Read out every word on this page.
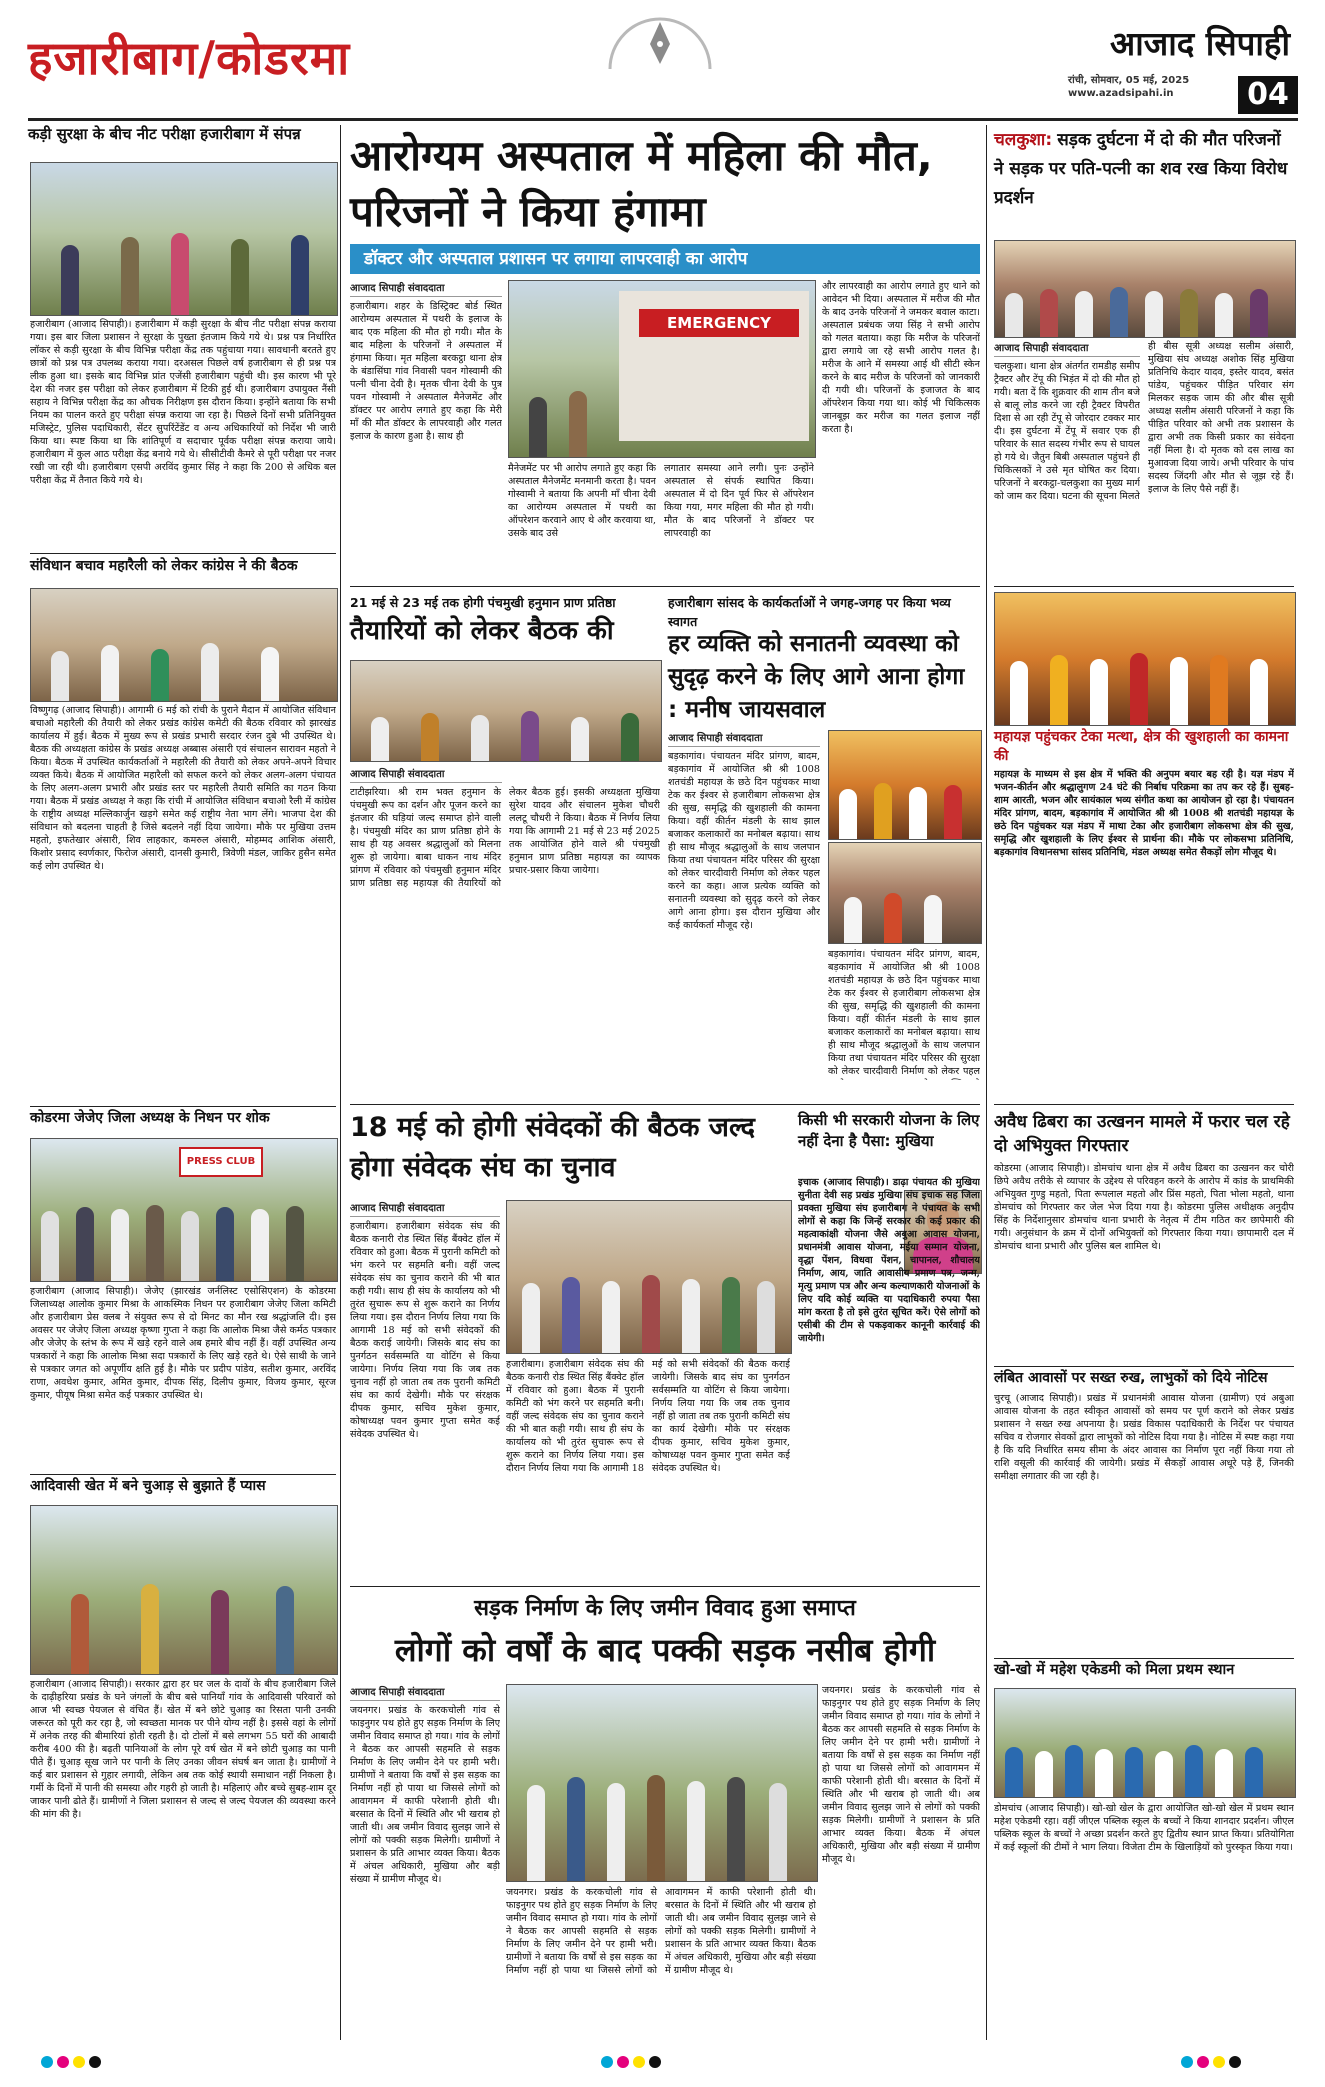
हजारीबाग/कोडरमा	आजाद सिपाही
रांची, सोमवार, 05 मई, 2025
www.azadsipahi.in	04
कड़ी सुरक्षा के बीच नीट परीक्षा हजारीबाग में संपन्न
हजारीबाग (आजाद सिपाही)। हजारीबाग में कड़ी सुरक्षा के बीच नीट परीक्षा संपन्न कराया गया। इस बार जिला प्रशासन ने सुरक्षा के पुख्ता इंतजाम किये गये थे। प्रश्न पत्र निर्धारित लॉकर से कड़ी सुरक्षा के बीच विभिन्न परीक्षा केंद्र तक पहुंचाया गया। सावधानी बरतते हुए छात्रों को प्रश्न पत्र उपलब्ध कराया गया। दरअसल पिछले वर्ष हजारीबाग से ही प्रश्न पत्र लीक हुआ था। इसके बाद विभिन्न प्रांत एजेंसी हजारीबाग पहुंची थी। इस कारण भी पूरे देश की नजर इस परीक्षा को लेकर हजारीबाग में टिकी हुई थी। हजारीबाग उपायुक्त नैंसी सहाय ने विभिन्न परीक्षा केंद्र का औचक निरीक्षण इस दौरान किया। इन्होंने बताया कि सभी नियम का पालन करते हुए परीक्षा संपन्न कराया जा रहा है। पिछले दिनों सभी प्रतिनियुक्त मजिस्ट्रेट, पुलिस पदाधिकारी, सेंटर सुपरिंटेंडेंट व अन्य अधिकारियों को निर्देश भी जारी किया था। स्पष्ट किया था कि शांतिपूर्ण व सदाचार पूर्वक परीक्षा संपन्न कराया जाये। हजारीबाग में कुल आठ परीक्षा केंद्र बनाये गये थे। सीसीटीवी कैमरे से पूरी परीक्षा पर नजर रखी जा रही थी। हजारीबाग एसपी अरविंद कुमार सिंह ने कहा कि 200 से अधिक बल परीक्षा केंद्र में तैनात किये गये थे।
संविधान बचाव महारैली को लेकर कांग्रेस ने की बैठक
विष्णुगढ़ (आजाद सिपाही)। आगामी 6 मई को रांची के पुराने मैदान में आयोजित संविधान बचाओ महारैली की तैयारी को लेकर प्रखंड कांग्रेस कमेटी की बैठक रविवार को झारखंड कार्यालय में हुई। बैठक में मुख्य रूप से प्रखंड प्रभारी सरदार रंजन दुबे भी उपस्थित थे। बैठक की अध्यक्षता कांग्रेस के प्रखंड अध्यक्ष अब्बास अंसारी एवं संचालन सारावन महतो ने किया। बैठक में उपस्थित कार्यकर्ताओं ने महारैली की तैयारी को लेकर अपने-अपने विचार व्यक्त किये। बैठक में आयोजित महारैली को सफल करने को लेकर अलग-अलग पंचायत के लिए अलग-अलग प्रभारी और प्रखंड स्तर पर महारैली तैयारी समिति का गठन किया गया। बैठक में प्रखंड अध्यक्ष ने कहा कि रांची में आयोजित संविधान बचाओ रैली में कांग्रेस के राष्ट्रीय अध्यक्ष मल्लिकार्जुन खड़गे समेत कई राष्ट्रीय नेता भाग लेंगे। भाजपा देश की संविधान को बदलना चाहती है जिसे बदलने नहीं दिया जायेगा। मौके पर मुखिया उत्तम महतो, इफतेखार अंसारी, शिव लाहकार, कमरुल अंसारी, मोहम्मद आशिक अंसारी, किशोर प्रसाद स्वर्णकार, फिरोज अंसारी, दानसी कुमारी, त्रिवेणी मंडल, जाकिर हुसैन समेत कई लोग उपस्थित थे।
कोडरमा जेजेए जिला अध्यक्ष के निधन पर शोक
PRESS CLUB
हजारीबाग (आजाद सिपाही)। जेजेए (झारखंड जर्नलिस्ट एसोसिएशन) के कोडरमा जिलाध्यक्ष आलोक कुमार मिश्रा के आकस्मिक निधन पर हजारीबाग जेजेए जिला कमिटी और हजारीबाग प्रेस क्लब ने संयुक्त रूप से दो मिनट का मौन रख श्रद्धांजलि दी। इस अवसर पर जेजेए जिला अध्यक्ष कृष्णा गुप्ता ने कहा कि आलोक मिश्रा जैसे कर्मठ पत्रकार और जेजेए के स्तंभ के रूप में खड़े रहने वाले अब हमारे बीच नहीं हैं। वहीं उपस्थित अन्य पत्रकारों ने कहा कि आलोक मिश्रा सदा पत्रकारों के लिए खड़े रहते थे। ऐसे साथी के जाने से पत्रकार जगत को अपूर्णीय क्षति हुई है। मौके पर प्रदीप पांडेय, सतीश कुमार, अरविंद राणा, अवधेश कुमार, अमित कुमार, दीपक सिंह, दिलीप कुमार, विजय कुमार, सूरज कुमार, पीयूष मिश्रा समेत कई पत्रकार उपस्थित थे।
आदिवासी खेत में बने चुआड़ से बुझाते हैं प्यास
हजारीबाग (आजाद सिपाही)। सरकार द्वारा हर घर जल के दावों के बीच हजारीबाग जिले के दाढ़ीहरिया प्रखंड के घने जंगलों के बीच बसे पानियाँ गांव के आदिवासी परिवारों को आज भी स्वच्छ पेयजल से वंचित हैं। खेत में बने छोटे चुआड़ का रिसता पानी उनकी जरूरत को पूरी कर रहा है, जो स्वच्छता मानक पर पीने योग्य नहीं है। इससे वहां के लोगों में अनेक तरह की बीमारियां होती रहती है। दो टोलों में बसे लगभग 55 घरों की आबादी करीब 400 की है। बढ़ती पानियाओं के लोग पूरे वर्ष खेत में बने छोटी चुआड़ का पानी पीते हैं। चुआड़ सूख जाने पर पानी के लिए उनका जीवन संघर्ष बन जाता है। ग्रामीणों ने कई बार प्रशासन से गुहार लगायी, लेकिन अब तक कोई स्थायी समाधान नहीं निकला है। गर्मी के दिनों में पानी की समस्या और गहरी हो जाती है। महिलाएं और बच्चे सुबह-शाम दूर जाकर पानी ढोते हैं। ग्रामीणों ने जिला प्रशासन से जल्द से जल्द पेयजल की व्यवस्था करने की मांग की है।
आरोग्यम अस्पताल में महिला की मौत, परिजनों ने किया हंगामा
डॉक्टर और अस्पताल प्रशासन पर लगाया लापरवाही का आरोप
आजाद सिपाही संवाददाता
हजारीबाग। शहर के डिस्ट्रिक्ट बोर्ड स्थित आरोग्यम अस्पताल में पथरी के इलाज के बाद एक महिला की मौत हो गयी। मौत के बाद महिला के परिजनों ने अस्पताल में हंगामा किया। मृत महिला बरकट्ठा थाना क्षेत्र के बंडासिंघा गांव निवासी पवन गोस्वामी की पत्नी चीना देवी है। मृतक चीना देवी के पुत्र पवन गोस्वामी ने अस्पताल मैनेजमेंट और डॉक्टर पर आरोप लगाते हुए कहा कि मेरी माँ की मौत डॉक्टर के लापरवाही और गलत इलाज के कारण हुआ है। साथ ही
EMERGENCY
मैनेजमेंट पर भी आरोप लगाते हुए कहा कि अस्पताल मैनेजमेंट मनमानी करता है। पवन गोस्वामी ने बताया कि अपनी माँ चीना देवी का आरोग्यम अस्पताल में पथरी का ऑपरेशन करवाने आए थे और करवाया था, उसके बाद उसे
लगातार समस्या आने लगी। पुनः उन्होंने अस्पताल से संपर्क स्थापित किया। अस्पताल में दो दिन पूर्व फिर से ऑपरेशन किया गया, मगर महिला की मौत हो गयी। मौत के बाद परिजनों ने डॉक्टर पर लापरवाही का
और लापरवाही का आरोप लगाते हुए थाने को आवेदन भी दिया। अस्पताल में मरीज की मौत के बाद उनके परिजनों ने जमकर बवाल काटा। अस्पताल प्रबंधक जया सिंह ने सभी आरोप को गलत बताया। कहा कि मरीज के परिजनों द्वारा लगाये जा रहे सभी आरोप गलत है। मरीज के आने में समस्या आई थी सीटी स्केन करने के बाद मरीज के परिजनों को जानकारी दी गयी थी। परिजनों के इजाजत के बाद ऑपरेशन किया गया था। कोई भी चिकित्सक जानबूझ कर मरीज का गलत इलाज नहीं करता है।
21 मई से 23 मई तक होगी पंचमुखी हनुमान प्राण प्रतिष्ठा
तैयारियों को लेकर बैठक की
आजाद सिपाही संवाददाता
टाटीझरिया। श्री राम भक्त हनुमान के पंचमुखी रूप का दर्शन और पूजन करने का इंतजार की घड़ियां जल्द समाप्त होने वाली है। पंचमुखी मंदिर का प्राण प्रतिष्ठा होने के साथ ही यह अवसर श्रद्धालुओं को मिलना शुरू हो जायेगा। बाबा धाकन नाथ मंदिर प्रांगण में रविवार को पंचमुखी हनुमान मंदिर प्राण प्रतिष्ठा सह महायज्ञ की तैयारियों को लेकर बैठक हुई। इसकी अध्यक्षता मुखिया सुरेश यादव और संचालन मुकेश चौधरी ललटू चौधरी ने किया। बैठक में निर्णय लिया गया कि आगामी 21 मई से 23 मई 2025 तक आयोजित होने वाले श्री पंचमुखी हनुमान प्राण प्रतिष्ठा महायज्ञ का व्यापक प्रचार-प्रसार किया जायेगा।
हजारीबाग सांसद के कार्यकर्ताओं ने जगह-जगह पर किया भव्य स्वागत
हर व्यक्ति को सनातनी व्यवस्था को सुदृढ़ करने के लिए आगे आना होगा : मनीष जायसवाल
आजाद सिपाही संवाददाता
बड़कागांव। पंचायतन मंदिर प्रांगण, बादम, बड़कागांव में आयोजित श्री श्री 1008 शतचंडी महायज्ञ के छठे दिन पहुंचकर माथा टेक कर ईश्वर से हजारीबाग लोकसभा क्षेत्र की सुख, समृद्धि की खुशहाली की कामना किया। वहीं कीर्तन मंडली के साथ झाल बजाकर कलाकारों का मनोबल बढ़ाया। साथ ही साथ मौजूद श्रद्धालुओं के साथ जलपान किया तथा पंचायतन मंदिर परिसर की सुरक्षा को लेकर चारदीवारी निर्माण को लेकर पहल करने का कहा। आज प्रत्येक व्यक्ति को सनातनी व्यवस्था को सुदृढ़ करने को लेकर आगे आना होगा। इस दौरान मुखिया और कई कार्यकर्ता मौजूद रहे।
बड़कागांव। पंचायतन मंदिर प्रांगण, बादम, बड़कागांव में आयोजित श्री श्री 1008 शतचंडी महायज्ञ के छठे दिन पहुंचकर माथा टेक कर ईश्वर से हजारीबाग लोकसभा क्षेत्र की सुख, समृद्धि की खुशहाली की कामना किया। वहीं कीर्तन मंडली के साथ झाल बजाकर कलाकारों का मनोबल बढ़ाया। साथ ही साथ मौजूद श्रद्धालुओं के साथ जलपान किया तथा पंचायतन मंदिर परिसर की सुरक्षा को लेकर चारदीवारी निर्माण को लेकर पहल
18 मई को होगी संवेदकों की बैठक जल्द होगा संवेदक संघ का चुनाव
आजाद सिपाही संवाददाता
हजारीबाग। हजारीबाग संवेदक संघ की बैठक कनारी रोड स्थित सिंह बैंक्वेट हॉल में रविवार को हुआ। बैठक में पुरानी कमिटी को भंग करने पर सहमति बनी। वहीं जल्द संवेदक संघ का चुनाव कराने की भी बात कही गयी। साथ ही संघ के कार्यालय को भी तुरंत सुचारू रूप से शुरू कराने का निर्णय लिया गया। इस दौरान निर्णय लिया गया कि आगामी 18 मई को सभी संवेदकों की बैठक कराई जायेगी। जिसके बाद संघ का पुनर्गठन सर्वसम्मति या वोटिंग से किया जायेगा। निर्णय लिया गया कि जब तक चुनाव नहीं हो जाता तब तक पुरानी कमिटी संघ का कार्य देखेगी। मौके पर संरक्षक दीपक कुमार, सचिव मुकेश कुमार, कोषाध्यक्ष पवन कुमार गुप्ता समेत कई संवेदक उपस्थित थे।
हजारीबाग। हजारीबाग संवेदक संघ की बैठक कनारी रोड स्थित सिंह बैंक्वेट हॉल में रविवार को हुआ। बैठक में पुरानी कमिटी को भंग करने पर सहमति बनी। वहीं जल्द संवेदक संघ का चुनाव कराने की भी बात कही गयी। साथ ही संघ के कार्यालय को भी तुरंत सुचारू रूप से शुरू कराने का निर्णय लिया गया। इस दौरान निर्णय लिया गया कि आगामी 18 मई को सभी संवेदकों की बैठक कराई जायेगी। जिसके बाद संघ का पुनर्गठन सर्वसम्मति या वोटिंग से किया जायेगा। निर्णय लिया गया कि जब तक चुनाव नहीं हो जाता तब तक पुरानी कमिटी संघ का कार्य देखेगी। मौके पर संरक्षक दीपक कुमार, सचिव मुकेश कुमार, कोषाध्यक्ष पवन कुमार गुप्ता समेत कई संवेदक उपस्थित थे।
किसी भी सरकारी योजना के लिए नहीं देना है पैसा: मुखिया
इचाक (आजाद सिपाही)। डाढ़ा पंचायत की मुखिया सुनीता देवी सह प्रखंड मुखिया संघ इचाक सह जिला प्रवक्ता मुखिया संघ हजारीबाग ने पंचायत के सभी लोगों से कहा कि जिन्हें सरकार की कई प्रकार की महत्वाकांक्षी योजना जैसे अबुआ आवास योजना, प्रधानमंत्री आवास योजना, मईया सम्मान योजना, वृद्धा पेंशन, विधवा पेंशन, चापानल, शौचालय निर्माण, आय, जाति आवासीय प्रमाण पत्र, जन्म, मृत्यु प्रमाण पत्र और अन्य कल्याणकारी योजनाओं के लिए यदि कोई व्यक्ति या पदाधिकारी रुपया पैसा मांग करता है तो इसे तुरंत सूचित करें। ऐसे लोगों को एसीबी की टीम से पकड़वाकर कानूनी कार्रवाई की जायेगी।
सड़क निर्माण के लिए जमीन विवाद हुआ समाप्त
लोगों को वर्षों के बाद पक्की सड़क नसीब होगी
आजाद सिपाही संवाददाता
जयनगर। प्रखंड के करकचोली गांव से फाइनुगर पथ होते हुए सड़क निर्माण के लिए जमीन विवाद समाप्त हो गया। गांव के लोगों ने बैठक कर आपसी सहमति से सड़क निर्माण के लिए जमीन देने पर हामी भरी। ग्रामीणों ने बताया कि वर्षों से इस सड़क का निर्माण नहीं हो पाया था जिससे लोगों को आवागमन में काफी परेशानी होती थी। बरसात के दिनों में स्थिति और भी खराब हो जाती थी। अब जमीन विवाद सुलझ जाने से लोगों को पक्की सड़क मिलेगी। ग्रामीणों ने प्रशासन के प्रति आभार व्यक्त किया। बैठक में अंचल अधिकारी, मुखिया और बड़ी संख्या में ग्रामीण मौजूद थे।
जयनगर। प्रखंड के करकचोली गांव से फाइनुगर पथ होते हुए सड़क निर्माण के लिए जमीन विवाद समाप्त हो गया। गांव के लोगों ने बैठक कर आपसी सहमति से सड़क निर्माण के लिए जमीन देने पर हामी भरी। ग्रामीणों ने बताया कि वर्षों से इस सड़क का निर्माण नहीं हो पाया था जिससे लोगों को आवागमन में काफी परेशानी होती थी। बरसात के दिनों में स्थिति और भी खराब हो जाती थी। अब जमीन विवाद सुलझ जाने से लोगों को पक्की सड़क मिलेगी। ग्रामीणों ने प्रशासन के प्रति आभार व्यक्त किया। बैठक में अंचल अधिकारी, मुखिया और बड़ी संख्या में ग्रामीण मौजूद थे।
जयनगर। प्रखंड के करकचोली गांव से फाइनुगर पथ होते हुए सड़क निर्माण के लिए जमीन विवाद समाप्त हो गया। गांव के लोगों ने बैठक कर आपसी सहमति से सड़क निर्माण के लिए जमीन देने पर हामी भरी। ग्रामीणों ने बताया कि वर्षों से इस सड़क का निर्माण नहीं हो पाया था जिससे लोगों को आवागमन में काफी परेशानी होती थी। बरसात के दिनों में स्थिति और भी खराब हो जाती थी। अब जमीन विवाद सुलझ जाने से लोगों को पक्की सड़क मिलेगी। ग्रामीणों ने प्रशासन के प्रति आभार व्यक्त किया। बैठक में अंचल अधिकारी, मुखिया और बड़ी संख्या में ग्रामीण मौजूद थे।
चलकुशा: सड़क दुर्घटना में दो की मौत परिजनों ने सड़क पर पति-पत्नी का शव रख किया विरोध प्रदर्शन
आजाद सिपाही संवाददाता
चलकुशा। थाना क्षेत्र अंतर्गत रामडीह समीप ट्रैक्टर और टेंपू की भिड़ंत में दो की मौत हो गयी। बता दें कि शुक्रवार की शाम तीन बजे से बालू लोड करने जा रही ट्रैक्टर विपरीत दिशा से आ रही टेंपू से जोरदार टक्कर मार दी। इस दुर्घटना में टेंपू में सवार एक ही परिवार के सात सदस्य गंभीर रूप से घायल हो गये थे। जैतुन बिबी अस्पताल पहुंचने ही चिकित्सकों ने उसे मृत घोषित कर दिया। परिजनों ने बरकट्ठा-चलकुशा का मुख्य मार्ग को जाम कर दिया। घटना की सूचना मिलते
ही बीस सूत्री अध्यक्ष सलीम अंसारी, मुखिया संघ अध्यक्ष अशोक सिंह मुखिया प्रतिनिधि केदार यादव, इस्तेर यादव, बसंत पांडेय, पहुंचकर पीड़ित परिवार संग मिलकर सड़क जाम की और बीस सूत्री अध्यक्ष सलीम अंसारी परिजनों ने कहा कि पीड़ित परिवार को अभी तक प्रशासन के द्वारा अभी तक किसी प्रकार का संवेदना नहीं मिला है। दो मृतक को दस लाख का मुआवजा दिया जाये। अभी परिवार के पांच सदस्य जिंदगी और मौत से जूझ रहे हैं। इलाज के लिए पैसे नहीं हैं।
महायज्ञ पहुंचकर टेका मत्था, क्षेत्र की खुशहाली का कामना की
महायज्ञ के माध्यम से इस क्षेत्र में भक्ति की अनुपम बयार बह रही है। यज्ञ मंडप में भजन-कीर्तन और श्रद्धालुगण 24 घंटे की निर्बाध परिक्रमा का तप कर रहे हैं। सुबह-शाम आरती, भजन और सायंकाल भव्य संगीत कथा का आयोजन हो रहा है। पंचायतन मंदिर प्रांगण, बादम, बड़कागांव में आयोजित श्री श्री 1008 श्री शतचंडी महायज्ञ के छठे दिन पहुंचकर यज्ञ मंडप में माथा टेका और हजारीबाग लोकसभा क्षेत्र की सुख, समृद्धि और खुशहाली के लिए ईश्वर से प्रार्थना की। मौके पर लोकसभा प्रतिनिधि, बड़कागांव विधानसभा सांसद प्रतिनिधि, मंडल अध्यक्ष समेत सैकड़ों लोग मौजूद थे।
अवैध ढिबरा का उत्खनन मामले में फरार चल रहे दो अभियुक्त गिरफ्तार
कोडरमा (आजाद सिपाही)। डोमचांच थाना क्षेत्र में अवैध ढिबरा का उत्खनन कर चोरी छिपे अवैध तरीके से व्यापार के उद्देश्य से परिवहन करने के आरोप में कांड के प्राथमिकी अभियुक्त गुण्डु महतो, पिता रूपलाल महतो और प्रिंस महतो, पिता भोला महतो, थाना डोमचांच को गिरफ्तार कर जेल भेज दिया गया है। कोडरमा पुलिस अधीक्षक अनुदीप सिंह के निर्देशानुसार डोमचांच थाना प्रभारी के नेतृत्व में टीम गठित कर छापेमारी की गयी। अनुसंधान के क्रम में दोनों अभियुक्तों को गिरफ्तार किया गया। छापामारी दल में डोमचांच थाना प्रभारी और पुलिस बल शामिल थे।
लंबित आवासों पर सख्त रुख, लाभुकों को दिये नोटिस
चुरचू (आजाद सिपाही)। प्रखंड में प्रधानमंत्री आवास योजना (ग्रामीण) एवं अबुआ आवास योजना के तहत स्वीकृत आवासों को समय पर पूर्ण कराने को लेकर प्रखंड प्रशासन ने सख्त रुख अपनाया है। प्रखंड विकास पदाधिकारी के निर्देश पर पंचायत सचिव व रोजगार सेवकों द्वारा लाभुकों को नोटिस दिया गया है। नोटिस में स्पष्ट कहा गया है कि यदि निर्धारित समय सीमा के अंदर आवास का निर्माण पूरा नहीं किया गया तो राशि वसूली की कार्रवाई की जायेगी। प्रखंड में सैकड़ों आवास अधूरे पड़े हैं, जिनकी समीक्षा लगातार की जा रही है।
खो-खो में महेश एकेडमी को मिला प्रथम स्थान
डोमचांच (आजाद सिपाही)। खो-खो खेल के द्वारा आयोजित खो-खो खेल में प्रथम स्थान महेश एकेडमी रहा। वहीं जीएल पब्लिक स्कूल के बच्चों ने किया शानदार प्रदर्शन। जीएल पब्लिक स्कूल के बच्चों ने अच्छा प्रदर्शन करते हुए द्वितीय स्थान प्राप्त किया। प्रतियोगिता में कई स्कूलों की टीमों ने भाग लिया। विजेता टीम के खिलाड़ियों को पुरस्कृत किया गया।
